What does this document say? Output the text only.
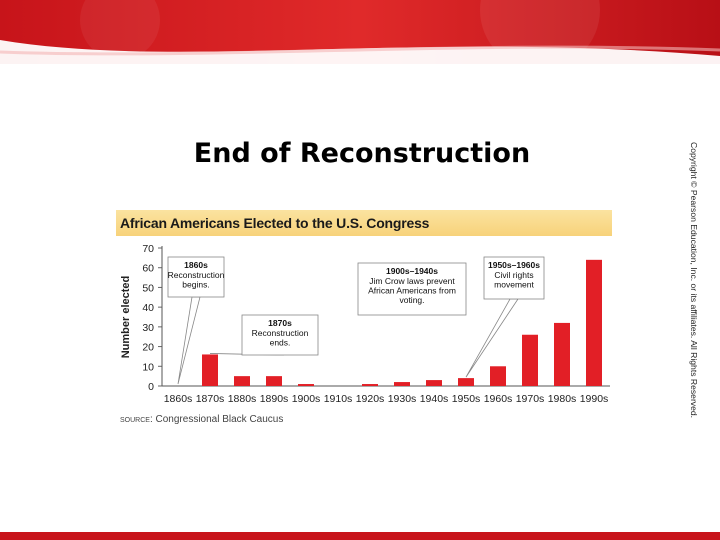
End of Reconstruction	Copyright © Pearson Education, Inc. or its affiliates. All Rights Reserved.
African Americans Elected to the U.S. Congress
Number elected
0
10
20
30
40
50
60
70
1860s 1870s 1880s 1890s 1900s 1910s 1920s 1930s 1940s 1950s 1960s 1970s 1980s 1990s
1860s
Reconstruction
begins.
1870s
Reconstruction
ends.
1900s–1940s
Jim Crow laws prevent
African Americans from
voting.
1950s–1960s
Civil rights
movement
source: Congressional Black Caucus
